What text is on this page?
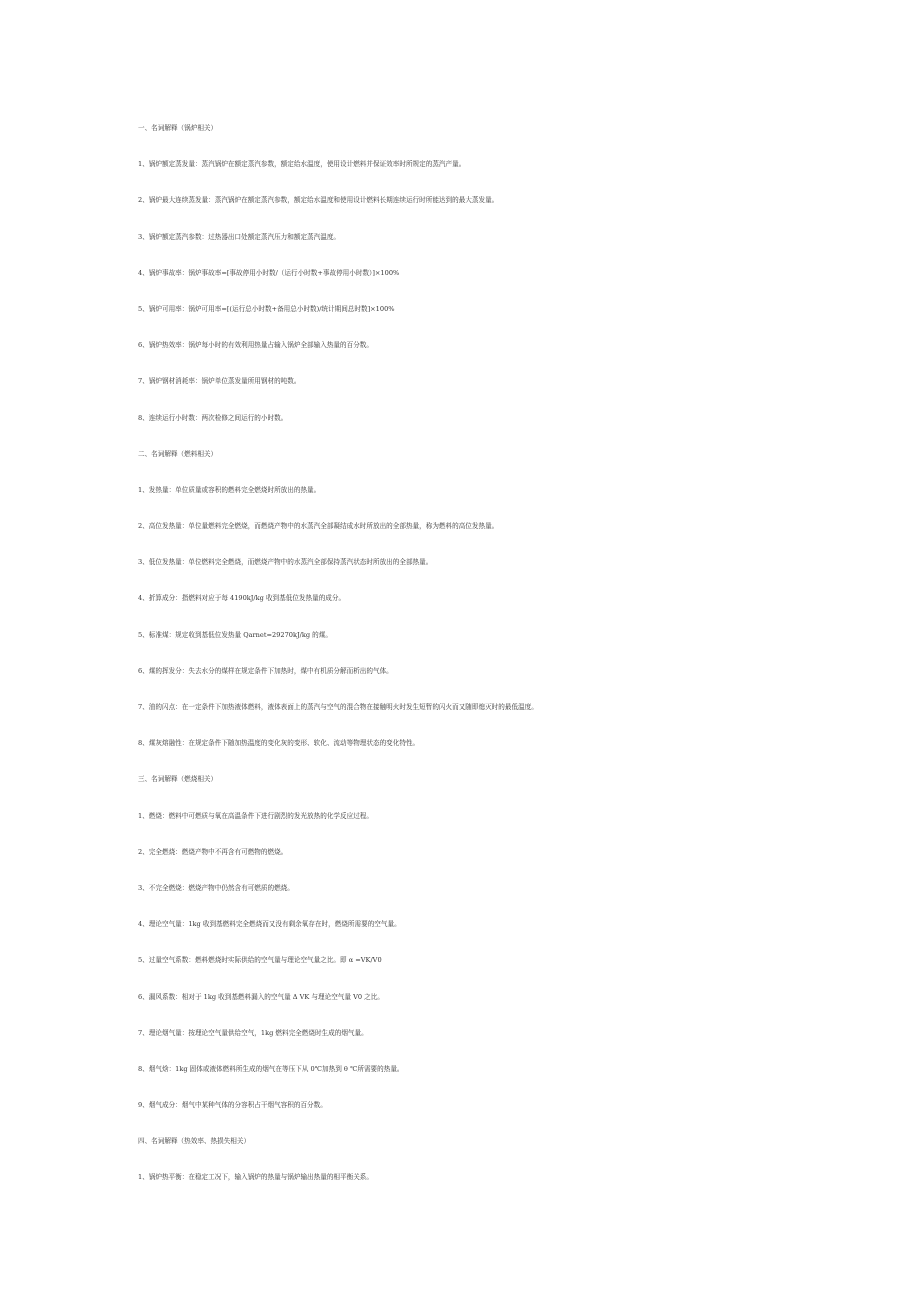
一、名词解释（锅炉相关）

1、锅炉额定蒸发量：蒸汽锅炉在额定蒸汽参数，额定给水温度，使用设计燃料并保证效率时所规定的蒸汽产量。

2、锅炉最大连续蒸发量：蒸汽锅炉在额定蒸汽参数，额定给水温度和使用设计燃料长期连续运行时所能达到的最大蒸发量。

3、锅炉额定蒸汽参数：过热器出口处额定蒸汽压力和额定蒸汽温度。

4、锅炉事故率：锅炉事故率=[事故停用小时数/（运行小时数+事故停用小时数）]×100%

5、锅炉可用率：锅炉可用率=[(运行总小时数+备用总小时数)/统计期间总时数]×100%

6、锅炉热效率：锅炉每小时的有效利用热量占输入锅炉全部输入热量的百分数。

7、锅炉钢材消耗率：锅炉单位蒸发量所用钢材的吨数。

8、连续运行小时数：两次检修之间运行的小时数。

二、名词解释（燃料相关）

1、发热量：单位质量或容积的燃料完全燃烧时所放出的热量。

2、高位发热量：单位量燃料完全燃烧，而燃烧产物中的水蒸汽全部凝结成水时所放出的全部热量，称为燃料的高位发热量。

3、低位发热量：单位燃料完全燃烧，而燃烧产物中的水蒸汽全部保持蒸汽状态时所放出的全部热量。

4、折算成分：指燃料对应于每 4190kJ/kg 收到基低位发热量的成分。

5、标准煤：规定收到基低位发热量 Qarnet=29270kJ/kg 的煤。

6、煤的挥发分：失去水分的煤样在规定条件下加热时，煤中有机质分解而析出的气体。

7、油的闪点：在一定条件下加热液体燃料，液体表面上的蒸汽与空气的混合物在接触明火时发生短暂的闪火而又随即熄灭时的最低温度。

8、煤灰熔融性：在规定条件下随加热温度的变化灰的变形、软化、流动等物理状态的变化特性。

三、名词解释（燃烧相关）

1、燃烧：燃料中可燃质与氧在高温条件下进行剧烈的发光放热的化学反应过程。

2、完全燃烧：燃烧产物中不再含有可燃物的燃烧。

3、不完全燃烧：燃烧产物中仍然含有可燃质的燃烧。

4、理论空气量：1kg 收到基燃料完全燃烧而又没有剩余氧存在时，燃烧所需要的空气量。

5、过量空气系数：燃料燃烧时实际供给的空气量与理论空气量之比。即 α =VK/V0

6、漏风系数：相对于 1kg 收到基燃料漏入的空气量 Δ VK 与理论空气量 V0 之比。

7、理论烟气量：按理论空气量供给空气，1kg 燃料完全燃烧时生成的烟气量。

8、烟气焓：1kg 固体或液体燃料所生成的烟气在等压下从 0℃加热到 θ ℃所需要的热量。

9、烟气成分：烟气中某种气体的分容积占干烟气容积的百分数。

四、名词解释（热效率、热损失相关）

1、锅炉热平衡：在稳定工况下，输入锅炉的热量与锅炉输出热量的相平衡关系。
